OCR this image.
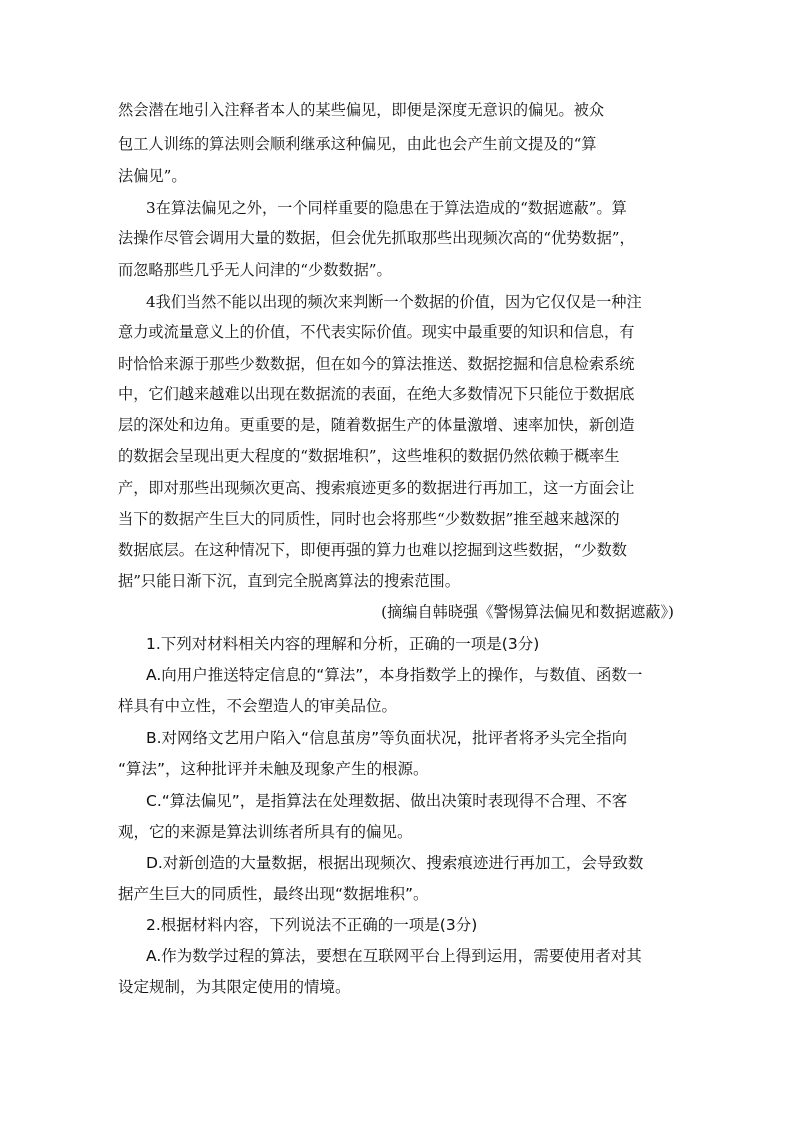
然会潜在地引入注释者本人的某些偏见，即便是深度无意识的偏见。被众
包工人训练的算法则会顺利继承这种偏见，由此也会产生前文提及的“算
法偏见”。
3在算法偏见之外，一个同样重要的隐患在于算法造成的“数据遮蔽”。算
法操作尽管会调用大量的数据，但会优先抓取那些出现频次高的“优势数据”，
而忽略那些几乎无人问津的“少数数据”。
4我们当然不能以出现的频次来判断一个数据的价值，因为它仅仅是一种注
意力或流量意义上的价值，不代表实际价值。现实中最重要的知识和信息，有
时恰恰来源于那些少数数据，但在如今的算法推送、数据挖掘和信息检索系统
中，它们越来越难以出现在数据流的表面，在绝大多数情况下只能位于数据底
层的深处和边角。更重要的是，随着数据生产的体量激增、速率加快，新创造
的数据会呈现出更大程度的“数据堆积”，这些堆积的数据仍然依赖于概率生
产，即对那些出现频次更高、搜索痕迹更多的数据进行再加工，这一方面会让
当下的数据产生巨大的同质性，同时也会将那些“少数数据”推至越来越深的
数据底层。在这种情况下，即便再强的算力也难以挖掘到这些数据，“少数数
据”只能日渐下沉，直到完全脱离算法的搜索范围。
(摘编自韩晓强《警惕算法偏见和数据遮蔽》)
1.下列对材料相关内容的理解和分析，正确的一项是(3分)
A.向用户推送特定信息的“算法”，本身指数学上的操作，与数值、函数一
样具有中立性，不会塑造人的审美品位。
B.对网络文艺用户陷入“信息茧房”等负面状况，批评者将矛头完全指向
“算法”，这种批评并未触及现象产生的根源。
C.“算法偏见”，是指算法在处理数据、做出决策时表现得不合理、不客
观，它的来源是算法训练者所具有的偏见。
D.对新创造的大量数据，根据出现频次、搜索痕迹进行再加工，会导致数
据产生巨大的同质性，最终出现“数据堆积”。
2.根据材料内容，下列说法不正确的一项是(3分)
A.作为数学过程的算法，要想在互联网平台上得到运用，需要使用者对其
设定规制，为其限定使用的情境。
